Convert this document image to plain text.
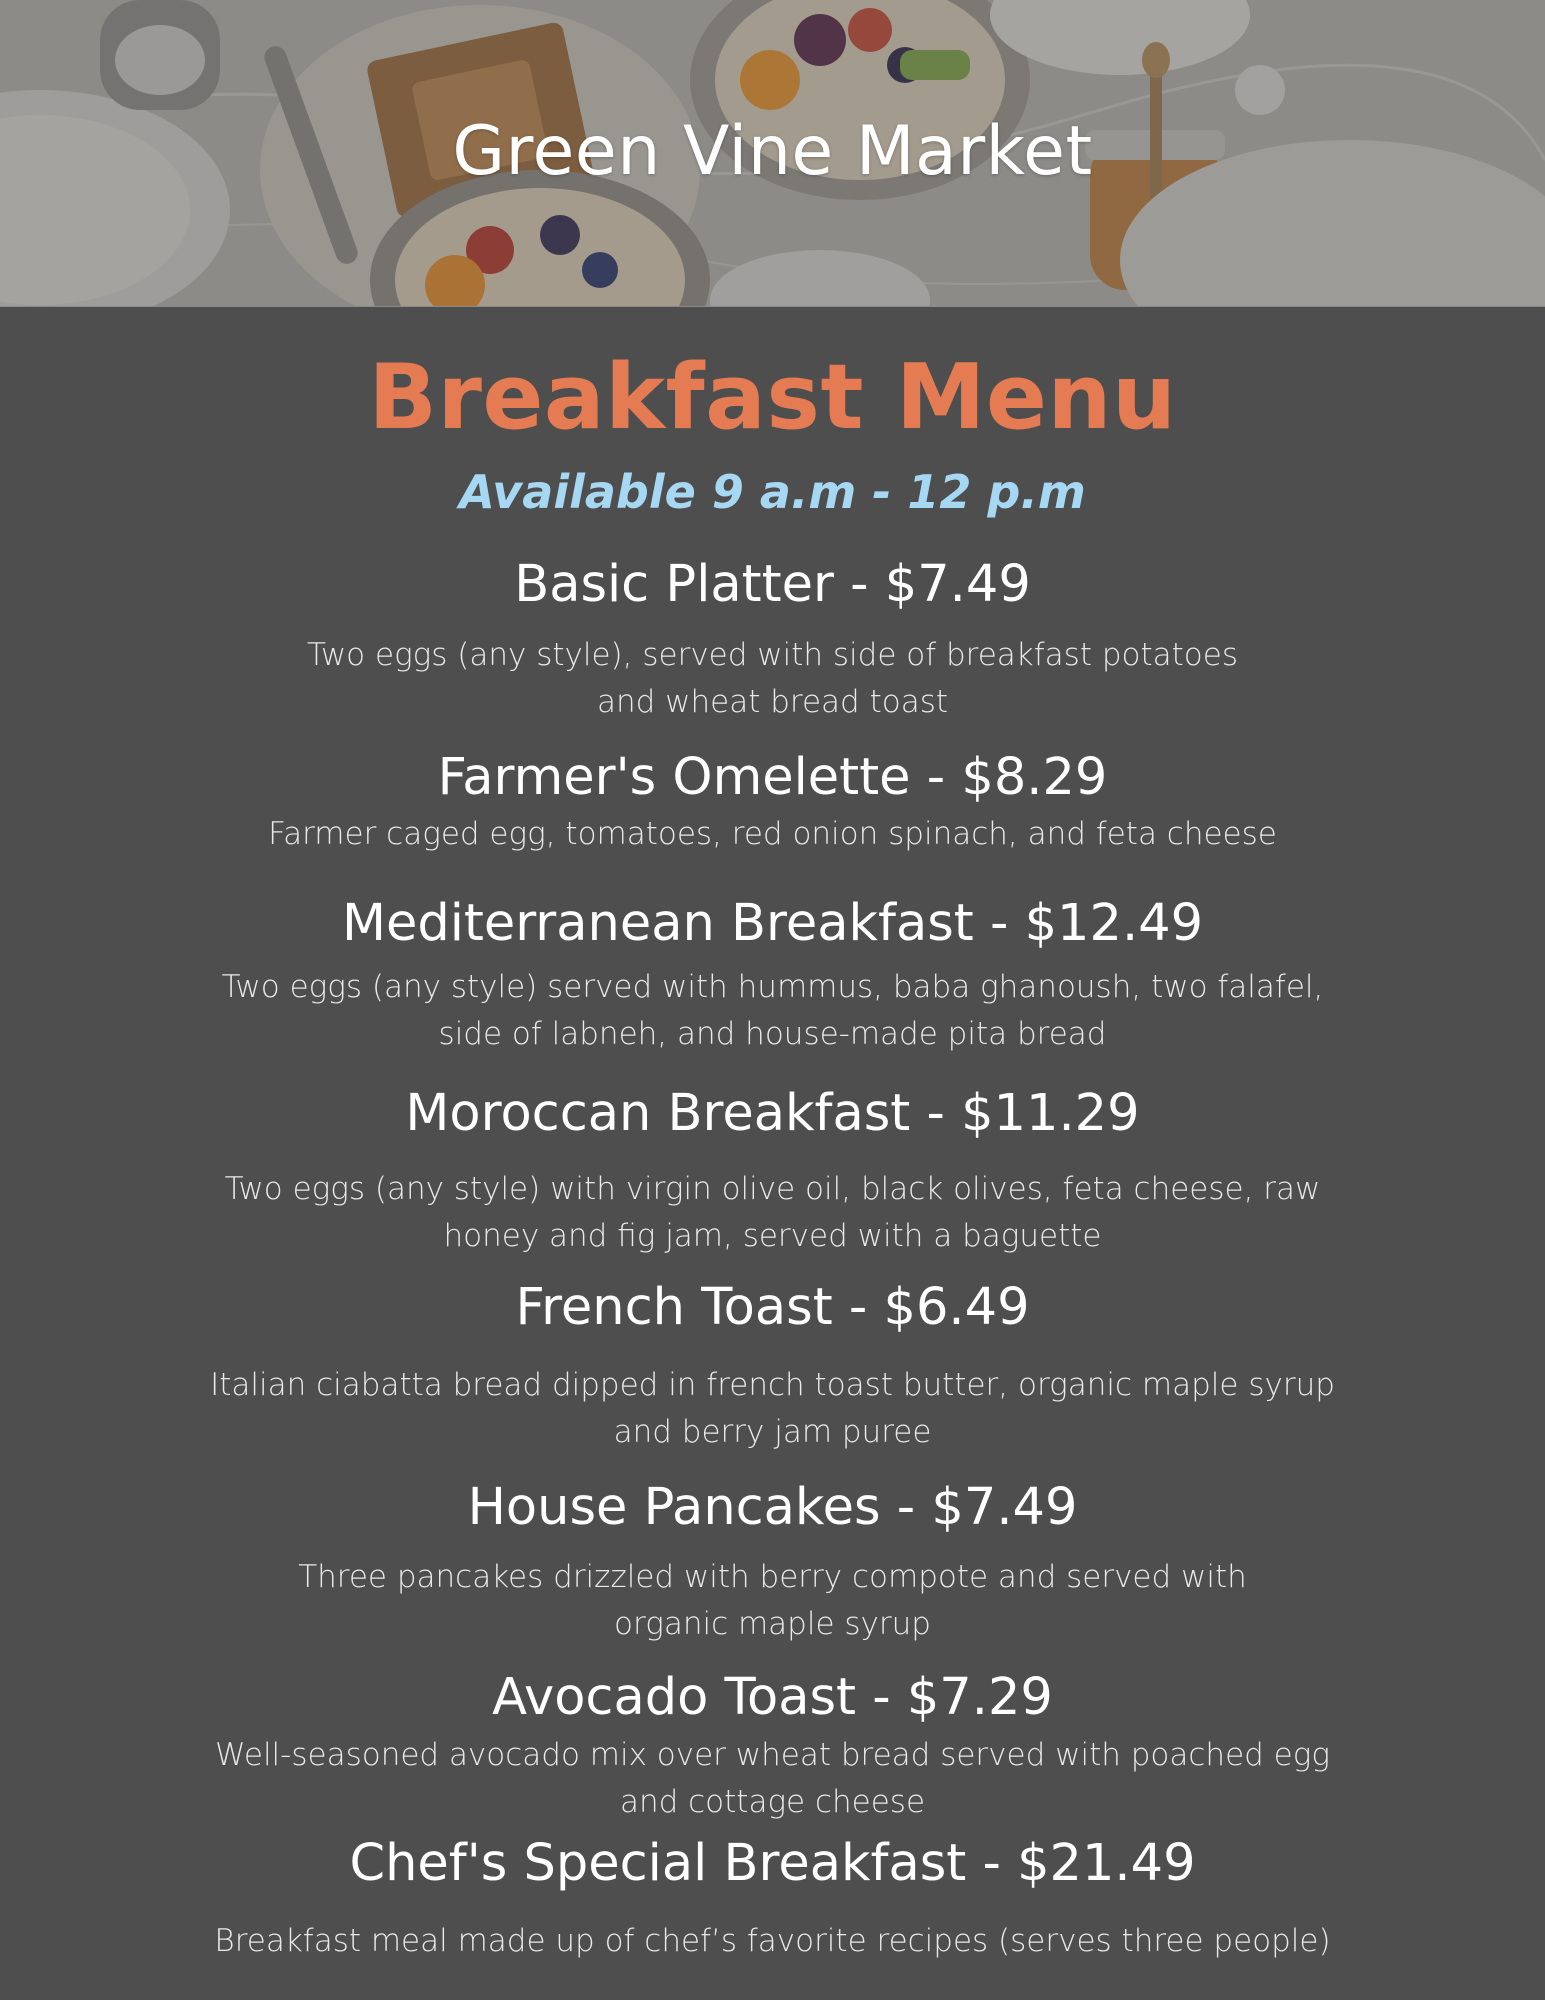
Green Vine Market
Breakfast Menu
Available 9 a.m - 12 p.m
Basic Platter - $7.49
Two eggs (any style), served with side of breakfast potatoes
and wheat bread toast
Farmer's Omelette - $8.29
Farmer caged egg, tomatoes, red onion spinach, and feta cheese
Mediterranean Breakfast - $12.49
Two eggs (any style) served with hummus, baba ghanoush, two falafel,
side of labneh, and house-made pita bread
Moroccan Breakfast - $11.29
Two eggs (any style) with virgin olive oil, black olives, feta cheese, raw
honey and fig jam, served with a baguette
French Toast - $6.49
Italian ciabatta bread dipped in french toast butter, organic maple syrup
and berry jam puree
House Pancakes - $7.49
Three pancakes drizzled with berry compote and served with
organic maple syrup
Avocado Toast - $7.29
Well-seasoned avocado mix over wheat bread served with poached egg
and cottage cheese
Chef's Special Breakfast - $21.49
Breakfast meal made up of chef’s favorite recipes (serves three people)
